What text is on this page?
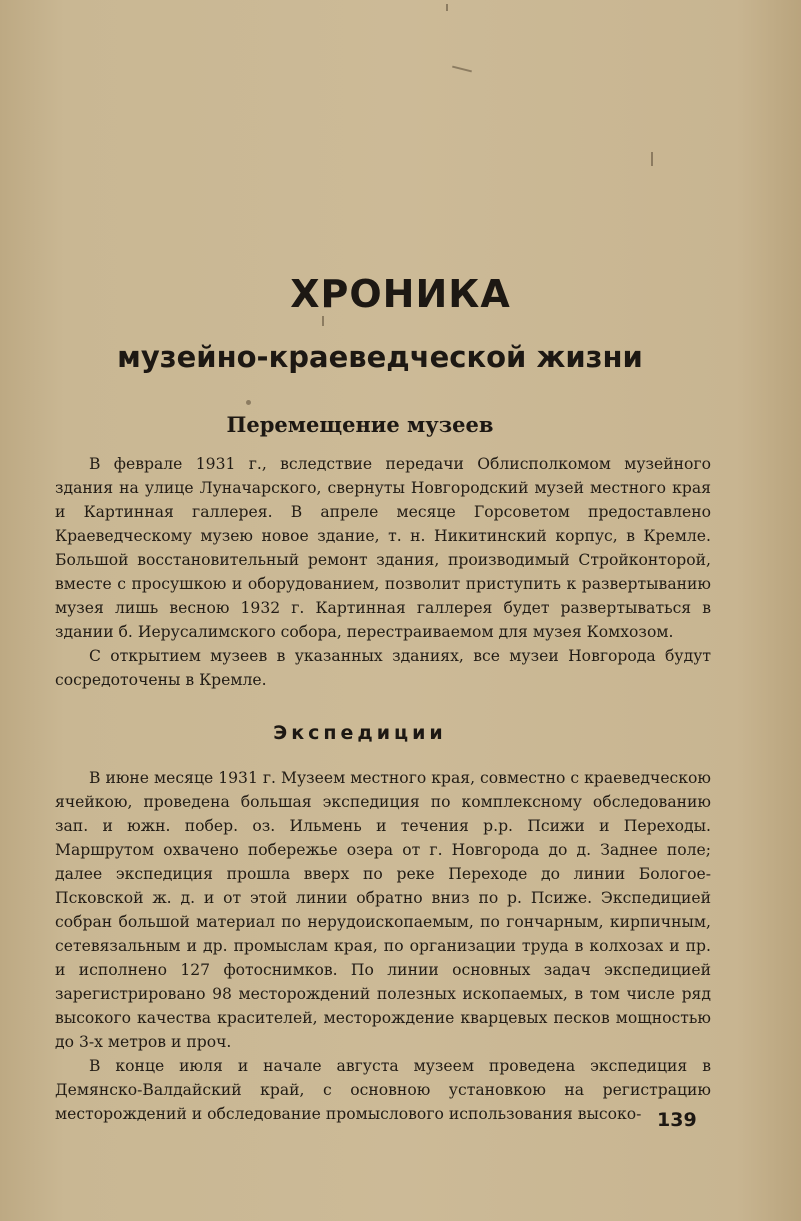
ХРОНИКА
музейно-краеведческой жизни
Перемещение музеев

В феврале 1931 г., вследствие передачи Облисполкомом музейного здания на улице Луначарского, свернуты Новгородский музей местного края и Картинная галлерея. В апреле месяце Горсоветом предоставлено Краеведческому музею новое здание, т. н. Никитинский корпус, в Кремле. Большой восстановительный ремонт здания, производимый Стройконторой, вместе с просушкою и оборудованием, позволит приступить к развертыванию музея лишь весною 1932 г. Картинная галлерея будет развертываться в здании б. Иерусалимского собора, перестраиваемом для музея Комхозом.

С открытием музеев в указанных зданиях, все музеи Новгорода будут сосредоточены в Кремле.

Экспедиции

В июне месяце 1931 г. Музеем местного края, совместно с краеведческою ячейкою, проведена большая экспедиция по комплексному обследованию зап. и южн. побер. оз. Ильмень и течения р.р. Псижи и Переходы. Маршрутом охвачено побережье озера от г. Новгорода до д. Заднее поле; далее экспедиция прошла вверх по реке Переходе до линии Бологое-Псковской ж. д. и от этой линии обратно вниз по р. Псиже. Экспедицией собран большой материал по нерудоископаемым, по гончарным, кирпичным, сетевязальным и др. промыслам края, по организации труда в колхозах и пр. и исполнено 127 фотоснимков. По линии основных задач экспедицией зарегистрировано 98 месторождений полезных ископаемых, в том числе ряд высокого качества красителей, месторождение кварцевых песков мощностью до 3-х метров и проч.

В конце июля и начале августа музеем проведена экспедиция в Демянско-Валдайский край, с основною установкою на регистрацию месторождений и обследование промыслового использования высоко- 139
